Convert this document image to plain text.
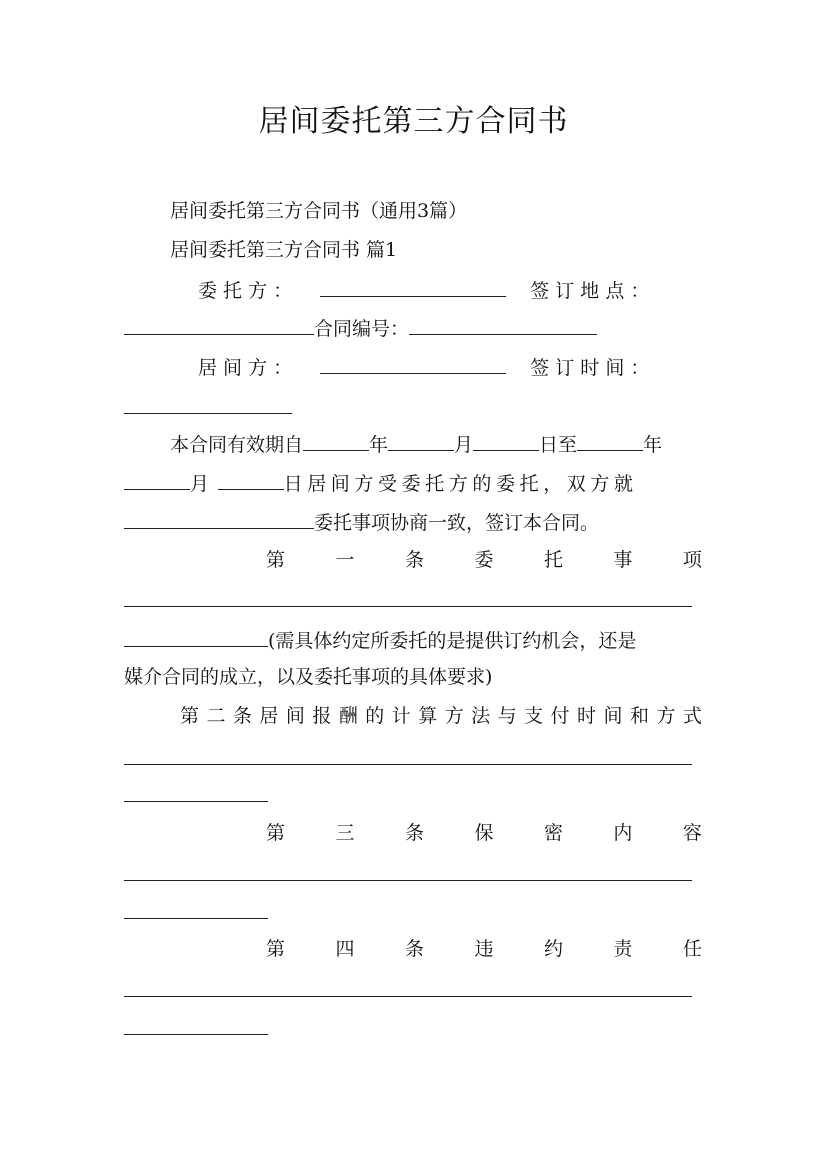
居间委托第三方合同书
居间委托第三方合同书（通用3篇）
居间委托第三方合同书 篇1
委 托 方 ：	签 订 地 点 ：
合同编号：
居 间 方 ：	签 订 时 间 ：
本合同有效期自	年	月	日至	年
月	日居间方受委托方的委托，双方就
委托事项协商一致，签订本合同。
第	一	条	委	托	事	项
(需具体约定所委托的是提供订约机会，还是
媒介合同的成立，以及委托事项的具体要求)
第 二 条 居 间 报 酬 的 计 算 方 法 与 支 付 时 间 和 方 式
第	三	条	保	密	内	容
第	四	条	违	约	责	任
